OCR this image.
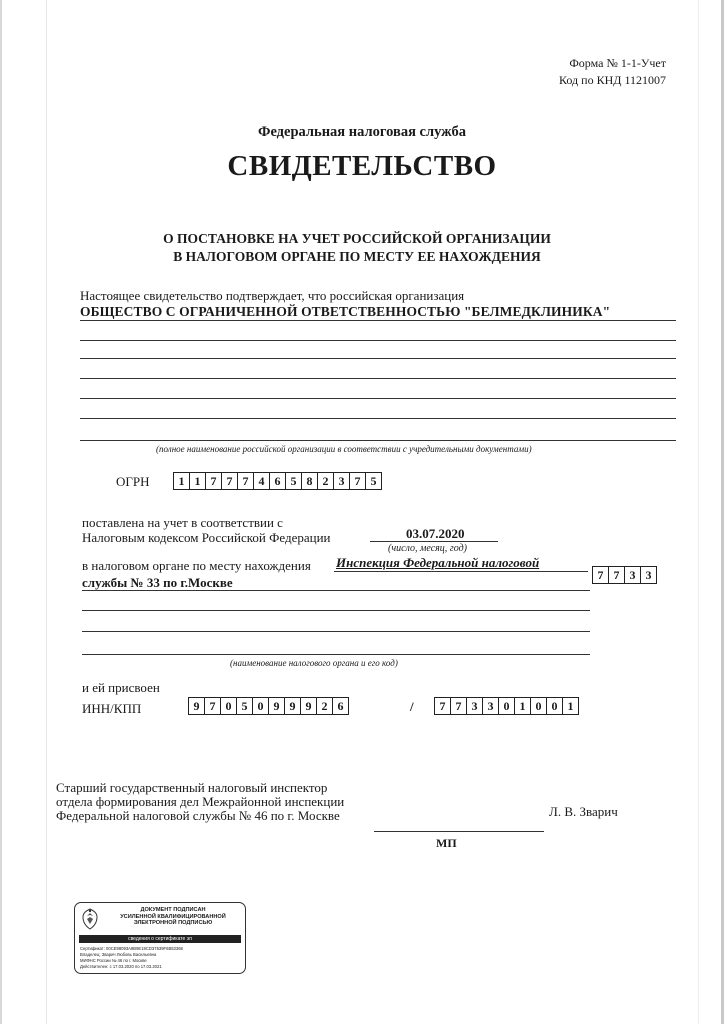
Форма № 1-1-Учет
Код по КНД 1121007
Федеральная налоговая служба
СВИДЕТЕЛЬСТВО
О ПОСТАНОВКЕ НА УЧЕТ РОССИЙСКОЙ ОРГАНИЗАЦИИ
В НАЛОГОВОМ ОРГАНЕ ПО МЕСТУ ЕЕ НАХОЖДЕНИЯ
Настоящее свидетельство подтверждает, что российская организация
ОБЩЕСТВО С ОГРАНИЧЕННОЙ ОТВЕТСТВЕННОСТЬЮ "БЕЛМЕДКЛИНИКА"
(полное наименование российской организации в соответствии с учредительными документами)
ОГРН	1 1 7 7 7 4 6 5 8 2 3 7 5
поставлена на учет в соответствии с
Налоговым кодексом Российской Федерации	03.07.2020
(число, месяц, год)
в налоговом органе по месту нахождения Инспекция Федеральной налоговой
7 7 3 3
службы № 33 по г.Москве
(наименование налогового органа и его код)
и ей присвоен
ИНН/КПП	9 7 0 5 0 9 9 9 2 6	/	7 7 3 3 0 1 0 0 1
Старший государственный налоговый инспектор
отдела формирования дел Межрайонной инспекции
Федеральной налоговой службы № 46 по г. Москве	Л. В. Зварич
МП
ДОКУМЕНТ ПОДПИСАН
УСИЛЕННОЙ КВАЛИФИЦИРОВАННОЙ
ЭЛЕКТРОННОЙ ПОДПИСЬЮ
сведения о сертификате эп
Сертификат: 00CE98093A8B9E19CD37539F6B53368
Владелец: Зварич Любовь Васильевна
МИФНС России № 46 по г. Москве
Действителен: с 17.03.2020 по 17.03.2021
